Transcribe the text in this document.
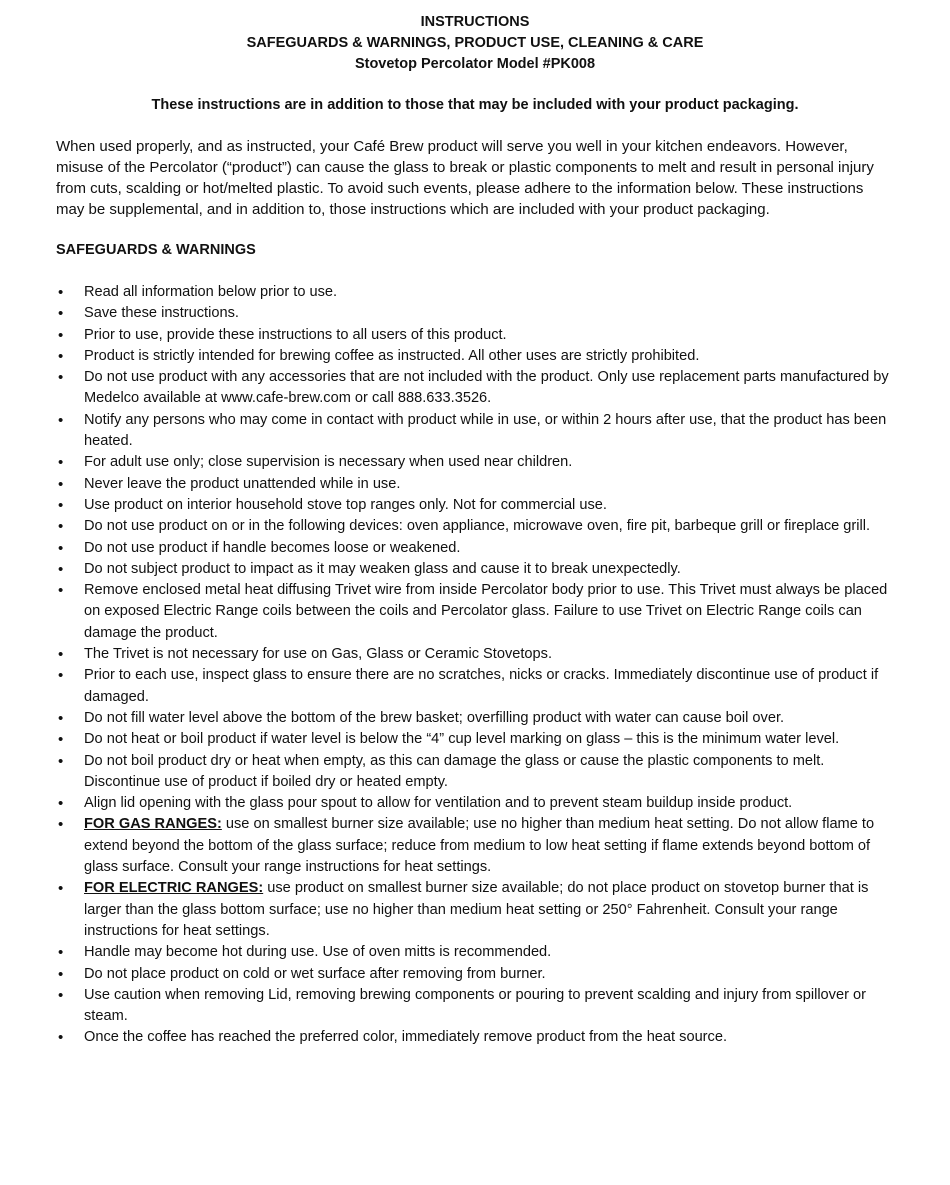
INSTRUCTIONS
SAFEGUARDS & WARNINGS, PRODUCT USE, CLEANING & CARE
Stovetop Percolator Model #PK008
These instructions are in addition to those that may be included with your product packaging.
When used properly, and as instructed, your Café Brew product will serve you well in your kitchen endeavors. However, misuse of the Percolator (“product”) can cause the glass to break or plastic components to melt and result in personal injury from cuts, scalding or hot/melted plastic. To avoid such events, please adhere to the information below. These instructions may be supplemental, and in addition to, those instructions which are included with your product packaging.
SAFEGUARDS & WARNINGS
• Read all information below prior to use.
• Save these instructions.
• Prior to use, provide these instructions to all users of this product.
• Product is strictly intended for brewing coffee as instructed. All other uses are strictly prohibited.
• Do not use product with any accessories that are not included with the product. Only use replacement parts manufactured by Medelco available at www.cafe-brew.com or call 888.633.3526.
• Notify any persons who may come in contact with product while in use, or within 2 hours after use, that the product has been heated.
• For adult use only; close supervision is necessary when used near children.
• Never leave the product unattended while in use.
• Use product on interior household stove top ranges only. Not for commercial use.
• Do not use product on or in the following devices: oven appliance, microwave oven, fire pit, barbeque grill or fireplace grill.
• Do not use product if handle becomes loose or weakened.
• Do not subject product to impact as it may weaken glass and cause it to break unexpectedly.
• Remove enclosed metal heat diffusing Trivet wire from inside Percolator body prior to use. This Trivet must always be placed on exposed Electric Range coils between the coils and Percolator glass. Failure to use Trivet on Electric Range coils can damage the product.
• The Trivet is not necessary for use on Gas, Glass or Ceramic Stovetops.
• Prior to each use, inspect glass to ensure there are no scratches, nicks or cracks. Immediately discontinue use of product if damaged.
• Do not fill water level above the bottom of the brew basket; overfilling product with water can cause boil over.
• Do not heat or boil product if water level is below the “4” cup level marking on glass – this is the minimum water level.
• Do not boil product dry or heat when empty, as this can damage the glass or cause the plastic components to melt. Discontinue use of product if boiled dry or heated empty.
• Align lid opening with the glass pour spout to allow for ventilation and to prevent steam buildup inside product.
• FOR GAS RANGES: use on smallest burner size available; use no higher than medium heat setting. Do not allow flame to extend beyond the bottom of the glass surface; reduce from medium to low heat setting if flame extends beyond bottom of glass surface. Consult your range instructions for heat settings.
• FOR ELECTRIC RANGES: use product on smallest burner size available; do not place product on stovetop burner that is larger than the glass bottom surface; use no higher than medium heat setting or 250° Fahrenheit. Consult your range instructions for heat settings.
• Handle may become hot during use. Use of oven mitts is recommended.
• Do not place product on cold or wet surface after removing from burner.
• Use caution when removing Lid, removing brewing components or pouring to prevent scalding and injury from spillover or steam.
• Once the coffee has reached the preferred color, immediately remove product from the heat source.
